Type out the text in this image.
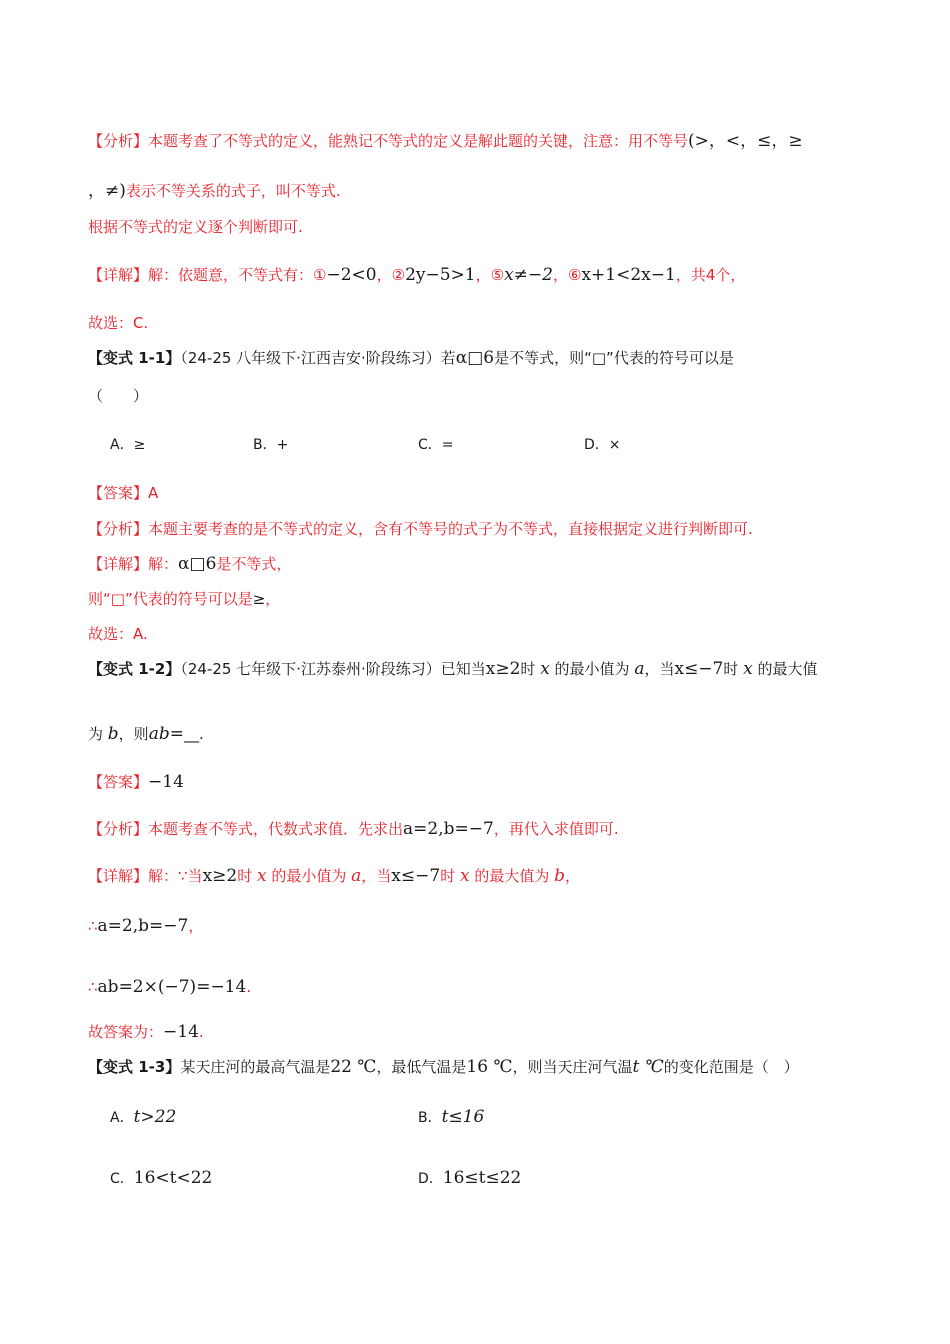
【分析】本题考查了不等式的定义，能熟记不等式的定义是解此题的关键，注意：用不等号(>，<，≤，≥
，≠)表示不等关系的式子，叫不等式.
根据不等式的定义逐个判断即可.
【详解】解：依题意，不等式有：①−2<0，②2y−5>1，⑤x≠−2，⑥x+1<2x−1，共4个，
故选：C.
【变式 1-1】（24-25 八年级下·江西吉安·阶段练习）若α□6是不等式，则“□”代表的符号可以是
（　　）
A．≥	B．+	C．=	D．×
【答案】A
【分析】本题主要考查的是不等式的定义，含有不等号的式子为不等式，直接根据定义进行判断即可.
【详解】解：α□6是不等式，
则“□”代表的符号可以是≥，
故选：A.
【变式 1-2】（24-25 七年级下·江苏泰州·阶段练习）已知当x≥2时 x 的最小值为 a，当x≤−7时 x 的最大值
为 b，则ab=__.
【答案】−14
【分析】本题考查不等式，代数式求值．先求出a=2,b=−7，再代入求值即可.
【详解】解：∵当x≥2时 x 的最小值为 a，当x≤−7时 x 的最大值为 b，
∴a=2,b=−7，
∴ab=2×(−7)=−14.
故答案为：−14.
【变式 1-3】某天庄河的最高气温是22 ℃，最低气温是16 ℃，则当天庄河气温t ℃的变化范围是（　）
A．t>22	B．t≤16
C．16<t<22	D．16≤t≤22
